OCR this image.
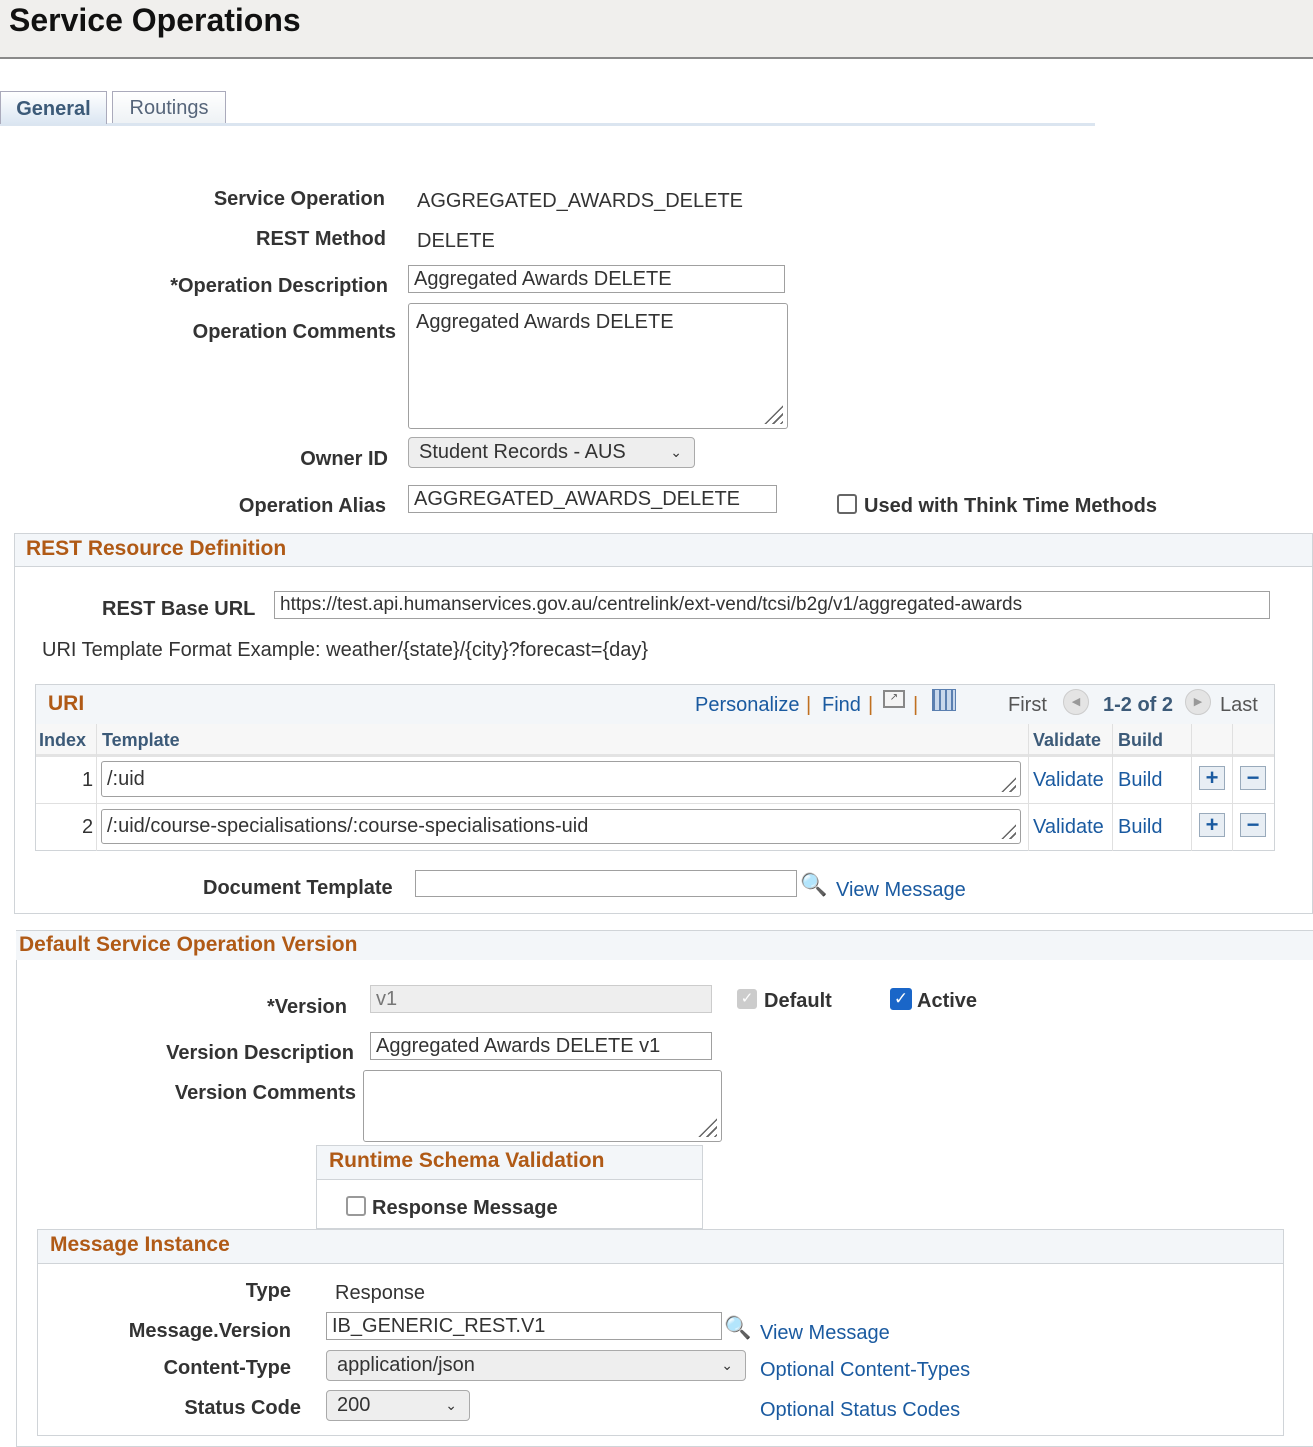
Service Operations
General	Routings
Service Operation AGGREGATED_AWARDS_DELETE
REST Method DELETE
*Operation Description	Aggregated Awards DELETE
Operation Comments	Aggregated Awards DELETE
Owner ID	Student Records - AUS	⌄
Operation Alias	AGGREGATED_AWARDS_DELETE	Used with Think Time Methods
REST Resource Definition
REST Base URL	https://test.api.humanservices.gov.au/centrelink/ext-vend/tcsi/b2g/v1/aggregated-awards
URI Template Format Example: weather/{state}/{city}?forecast={day}
URI	Personalize | Find |	↗ |	First	◀	1-2 of 2	▶ Last
Index Template	Validate Build
1 /:uid	Validate Build + −
2 /:uid/course-specialisations/:course-specialisations-uid	Validate Build + −
Document Template	🔍 View Message
Default Service Operation Version
*Version	v1	✓ Default	✓ Active
Version Description	Aggregated Awards DELETE v1
Version Comments
Runtime Schema Validation
Response Message
Message Instance
Type Response
Message.Version	IB_GENERIC_REST.V1	🔍 View Message
Content-Type	application/json	⌄ Optional Content-Types
Status Code	200	⌄	Optional Status Codes
